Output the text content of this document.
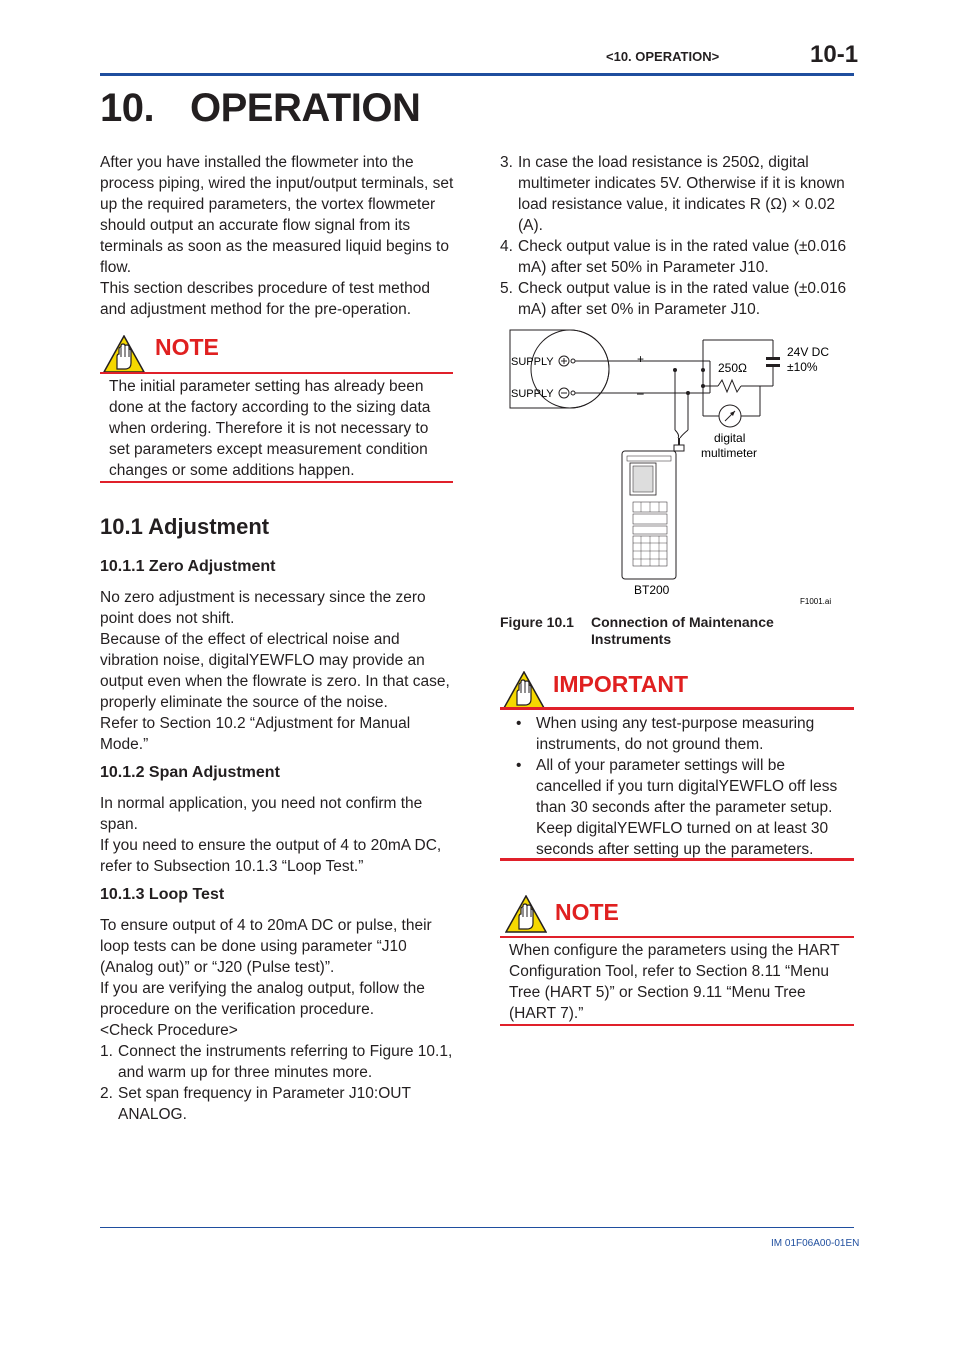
<10. OPERATION>	10-1
10. OPERATION

After you have installed the flowmeter into the process piping, wired the input/output terminals, set up the required parameters, the vortex flowmeter should output an accurate flow signal from its terminals as soon as the measured liquid begins to flow.

This section describes procedure of test method and adjustment method for the pre-operation.

NOTE

The initial parameter setting has already been done at the factory according to the sizing data when ordering. Therefore it is not necessary to set parameters except measurement condition changes or some additions happen.

10.1 Adjustment
10.1.1 Zero Adjustment

No zero adjustment is necessary since the zero point does not shift.

Because of the effect of electrical noise and vibration noise, digitalYEWFLO may provide an output even when the flowrate is zero. In that case, properly eliminate the source of the noise.

Refer to Section 10.2 “Adjustment for Manual Mode.”

10.1.2 Span Adjustment

In normal application, you need not confirm the span.

If you need to ensure the output of 4 to 20mA DC, refer to Subsection 10.1.3 “Loop Test.”

10.1.3 Loop Test

To ensure output of 4 to 20mA DC or pulse, their loop tests can be done using parameter “J10 (Analog out)” or “J20 (Pulse test)”.

If you are verifying the analog output, follow the procedure on the verification procedure.

<Check Procedure>

1. Connect the instruments referring to Figure 10.1, and warm up for three minutes more.
2. Set span frequency in Parameter J10:OUT ANALOG.
3. In case the load resistance is 250Ω, digital multimeter indicates 5V. Otherwise if it is known load resistance value, it indicates R (Ω) × 0.02 (A).
4. Check output value is in the rated value (±0.016 mA) after set 50% in Parameter J10.
5. Check output value is in the rated value (±0.016 mA) after set 0% in Parameter J10.
SUPPLY
SUPPLY
+
–
250Ω
24V DC
±10%
digital
multimeter
BT200
F1001.ai
Figure 10.1 Connection of Maintenance
Instruments
IMPORTANT
• When using any test-purpose measuring instruments, do not ground them.
• All of your parameter settings will be cancelled if you turn digitalYEWFLO off less than 30 seconds after the parameter setup. Keep digitalYEWFLO turned on at least 30 seconds after setting up the parameters.
NOTE

When configure the parameters using the HART Configuration Tool, refer to Section 8.11 “Menu Tree (HART 5)” or Section 9.11 “Menu Tree (HART 7).”

IM 01F06A00-01EN
